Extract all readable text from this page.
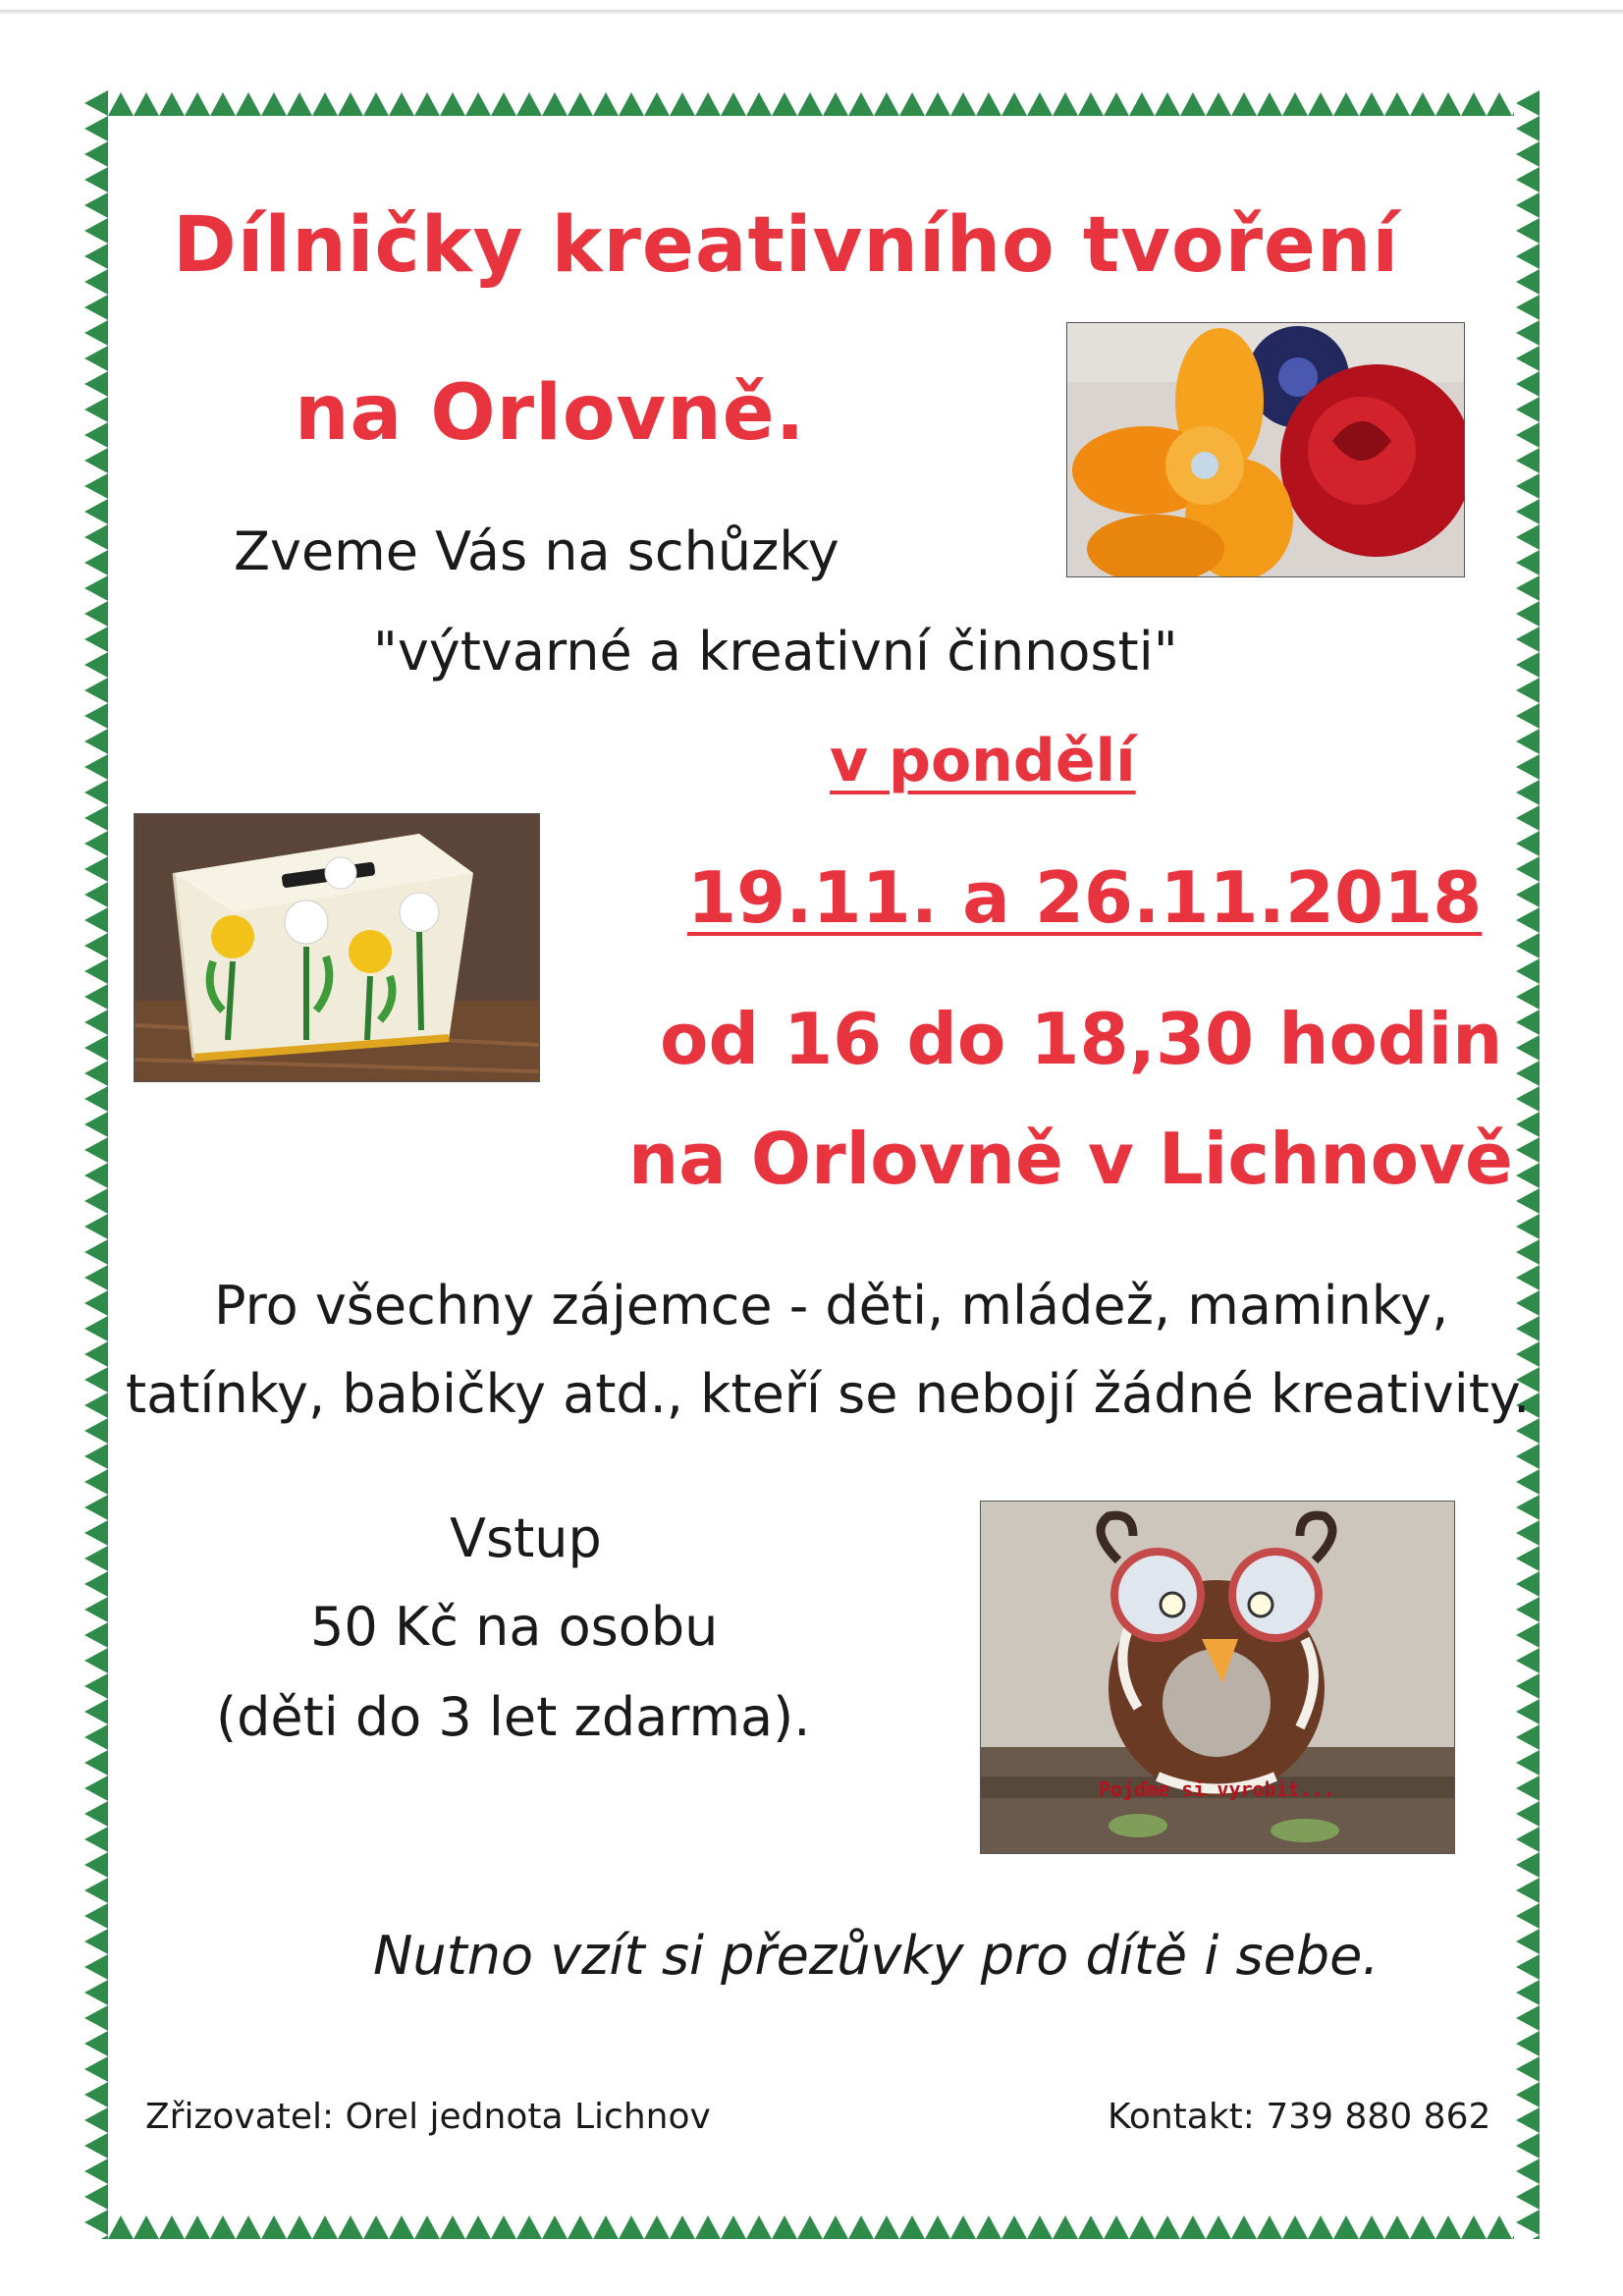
Dílničky kreativního tvoření
na Orlovně.
Zveme Vás na schůzky
"výtvarné a kreativní činnosti"
v pondělí
19.11. a 26.11.2018
od 16 do 18,30 hodin
na Orlovně v Lichnově
Pro všechny zájemce - děti, mládež, maminky,
tatínky, babičky atd., kteří se nebojí žádné kreativity.
Vstup
50 Kč na osobu
(děti do 3 let zdarma).
Pojďme si vyrobit...
Nutno vzít si přezůvky pro dítě i sebe.
Zřizovatel: Orel jednota Lichnov	Kontakt: 739 880 862
